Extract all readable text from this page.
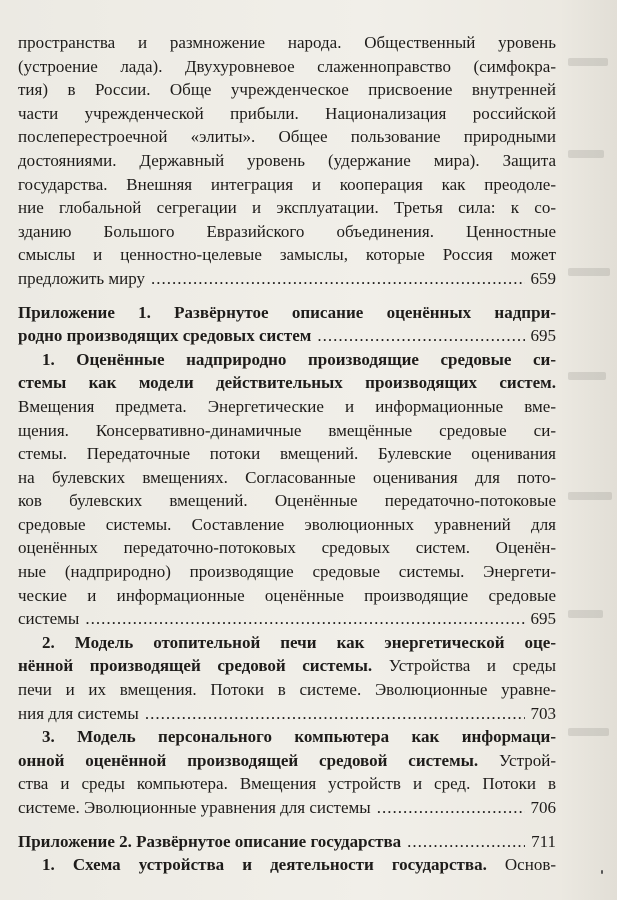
пространства и размножение народа. Общественный уровень
(устроение лада). Двухуровневое слаженноправство (симфокра-
тия) в России. Обще учрежденческое присвоение внутренней
части учрежденческой прибыли. Национализация российской
послеперестроечной «элиты». Общее пользование природными
достояниями. Державный уровень (удержание мира). Защита
государства. Внешняя интеграция и кооперация как преодоле-
ние глобальной сегрегации и эксплуатации. Третья сила: к со-
зданию Большого Евразийского объединения. Ценностные
смыслы и ценностно-целевые замыслы, которые Россия может
предложить миру .....	659
Приложение 1. Развёрнутое описание оценённых надпри-
родно производящих средовых систем .....	695
1. Оценённые надприродно производящие средовые си-
стемы как модели действительных производящих систем.
Вмещения предмета. Энергетические и информационные вме-
щения. Консервативно-динамичные вмещённые средовые си-
стемы. Передаточные потоки вмещений. Булевские оценивания
на булевских вмещениях. Согласованные оценивания для пото-
ков булевских вмещений. Оценённые передаточно-потоковые
средовые системы. Составление эволюционных уравнений для
оценённых передаточно-потоковых средовых систем. Оценён-
ные (надприродно) производящие средовые системы. Энергети-
ческие и информационные оценённые производящие средовые
системы .....	695
2. Модель отопительной печи как энергетической оце-
нённой производящей средовой системы. Устройства и среды
печи и их вмещения. Потоки в системе. Эволюционные уравне-
ния для системы .....	703
3. Модель персонального компьютера как информаци-
онной оценённой производящей средовой системы. Устрой-
ства и среды компьютера. Вмещения устройств и сред. Потоки в
системе. Эволюционные уравнения для системы .....	706
Приложение 2. Развёрнутое описание государства .....	711
1. Схема устройства и деятельности государства. Основ-
